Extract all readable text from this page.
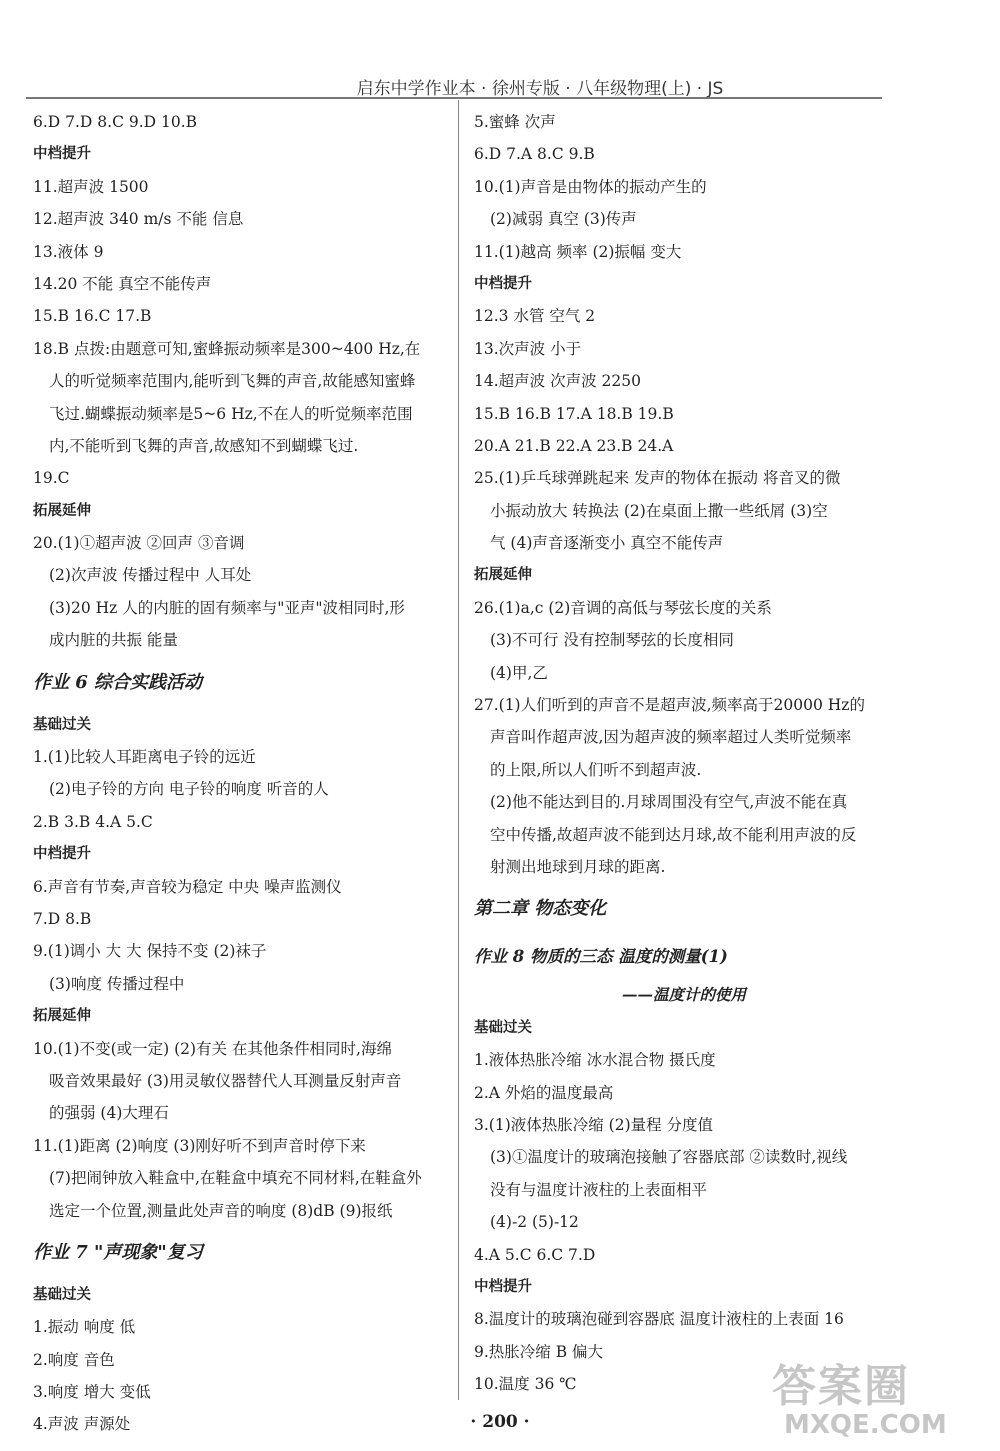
启东中学作业本 · 徐州专版 · 八年级物理(上) · JS
6.D 7.D 8.C 9.D 10.B
中档提升
11.超声波 1500
12.超声波 340 m/s 不能 信息
13.液体 9
14.20 不能 真空不能传声
15.B 16.C 17.B
18.B 点拨:由题意可知,蜜蜂振动频率是300~400 Hz,在
人的听觉频率范围内,能听到飞舞的声音,故能感知蜜蜂
飞过.蝴蝶振动频率是5~6 Hz,不在人的听觉频率范围
内,不能听到飞舞的声音,故感知不到蝴蝶飞过.
19.C
拓展延伸
20.(1)①超声波 ②回声 ③音调
(2)次声波 传播过程中 人耳处
(3)20 Hz 人的内脏的固有频率与"亚声"波相同时,形
成内脏的共振 能量
作业 6 综合实践活动
基础过关
1.(1)比较人耳距离电子铃的远近
(2)电子铃的方向 电子铃的响度 听音的人
2.B 3.B 4.A 5.C
中档提升
6.声音有节奏,声音较为稳定 中央 噪声监测仪
7.D 8.B
9.(1)调小 大 大 保持不变 (2)袜子
(3)响度 传播过程中
拓展延伸
10.(1)不变(或一定) (2)有关 在其他条件相同时,海绵
吸音效果最好 (3)用灵敏仪器替代人耳测量反射声音
的强弱 (4)大理石
11.(1)距离 (2)响度 (3)刚好听不到声音时停下来
(7)把闹钟放入鞋盒中,在鞋盒中填充不同材料,在鞋盒外
选定一个位置,测量此处声音的响度 (8)dB (9)报纸
作业 7 "声现象"复习
基础过关
1.振动 响度 低
2.响度 音色
3.响度 增大 变低
4.声波 声源处
5.蜜蜂 次声
6.D 7.A 8.C 9.B
10.(1)声音是由物体的振动产生的
(2)减弱 真空 (3)传声
11.(1)越高 频率 (2)振幅 变大
中档提升
12.3 水管 空气 2
13.次声波 小于
14.超声波 次声波 2250
15.B 16.B 17.A 18.B 19.B
20.A 21.B 22.A 23.B 24.A
25.(1)乒乓球弹跳起来 发声的物体在振动 将音叉的微
小振动放大 转换法 (2)在桌面上撒一些纸屑 (3)空
气 (4)声音逐渐变小 真空不能传声
拓展延伸
26.(1)a,c (2)音调的高低与琴弦长度的关系
(3)不可行 没有控制琴弦的长度相同
(4)甲,乙
27.(1)人们听到的声音不是超声波,频率高于20000 Hz的
声音叫作超声波,因为超声波的频率超过人类听觉频率
的上限,所以人们听不到超声波.
(2)他不能达到目的.月球周围没有空气,声波不能在真
空中传播,故超声波不能到达月球,故不能利用声波的反
射测出地球到月球的距离.
第二章 物态变化
作业 8 物质的三态 温度的测量(1)
——温度计的使用
基础过关
1.液体热胀冷缩 冰水混合物 摄氏度
2.A 外焰的温度最高
3.(1)液体热胀冷缩 (2)量程 分度值
(3)①温度计的玻璃泡接触了容器底部 ②读数时,视线
没有与温度计液柱的上表面相平
(4)-2 (5)-12
4.A 5.C 6.C 7.D
中档提升
8.温度计的玻璃泡碰到容器底 温度计液柱的上表面 16
9.热胀冷缩 B 偏大
10.温度 36 ℃
· 200 ·
答案圈
MXQE.COM
